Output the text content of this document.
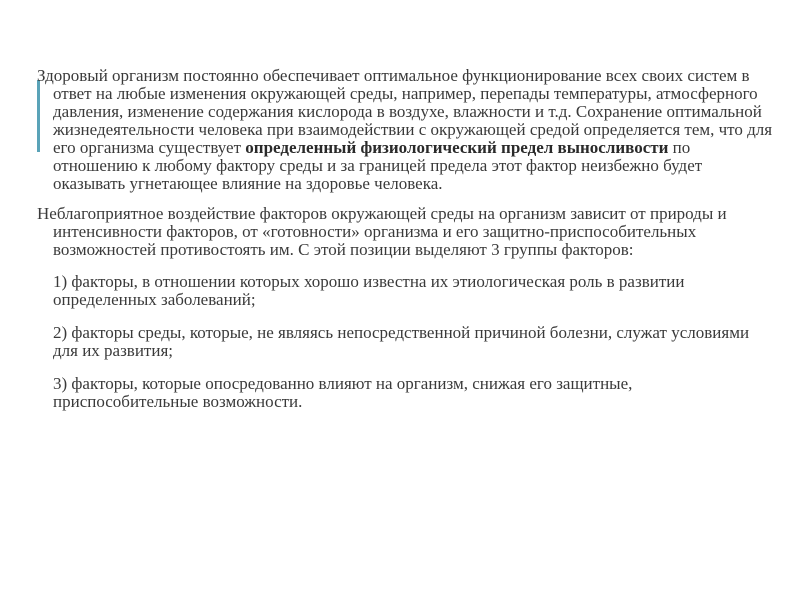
Здоровый организм постоянно обеспечивает оптимальное функционирование всех своих систем в ответ на любые изменения окружающей среды, например, перепады температуры, атмосферного давления, изменение содержания кислорода в воздухе, влажности и т.д. Сохранение оптимальной жизнедеятельности человека при взаимодействии с окружающей средой определяется тем, что для его организма существует определенный физиологический предел выносливости по отношению к любому фактору среды и за границей предела этот фактор неизбежно будет оказывать угнетающее влияние на здоровье человека.

Неблагоприятное воздействие факторов окружающей среды на организм зависит от природы и интенсивности факторов, от «готовности» организма и его защитно-приспособительных возможностей противостоять им. С этой позиции выделяют 3 группы факторов:

1) факторы, в отношении которых хорошо известна их этиологическая роль в развитии определенных заболеваний;

2) факторы среды, которые, не являясь непосредственной причиной болезни, служат условиями для их развития;

3) факторы, которые опосредованно влияют на организм, снижая его защитные, приспособительные возможности.
